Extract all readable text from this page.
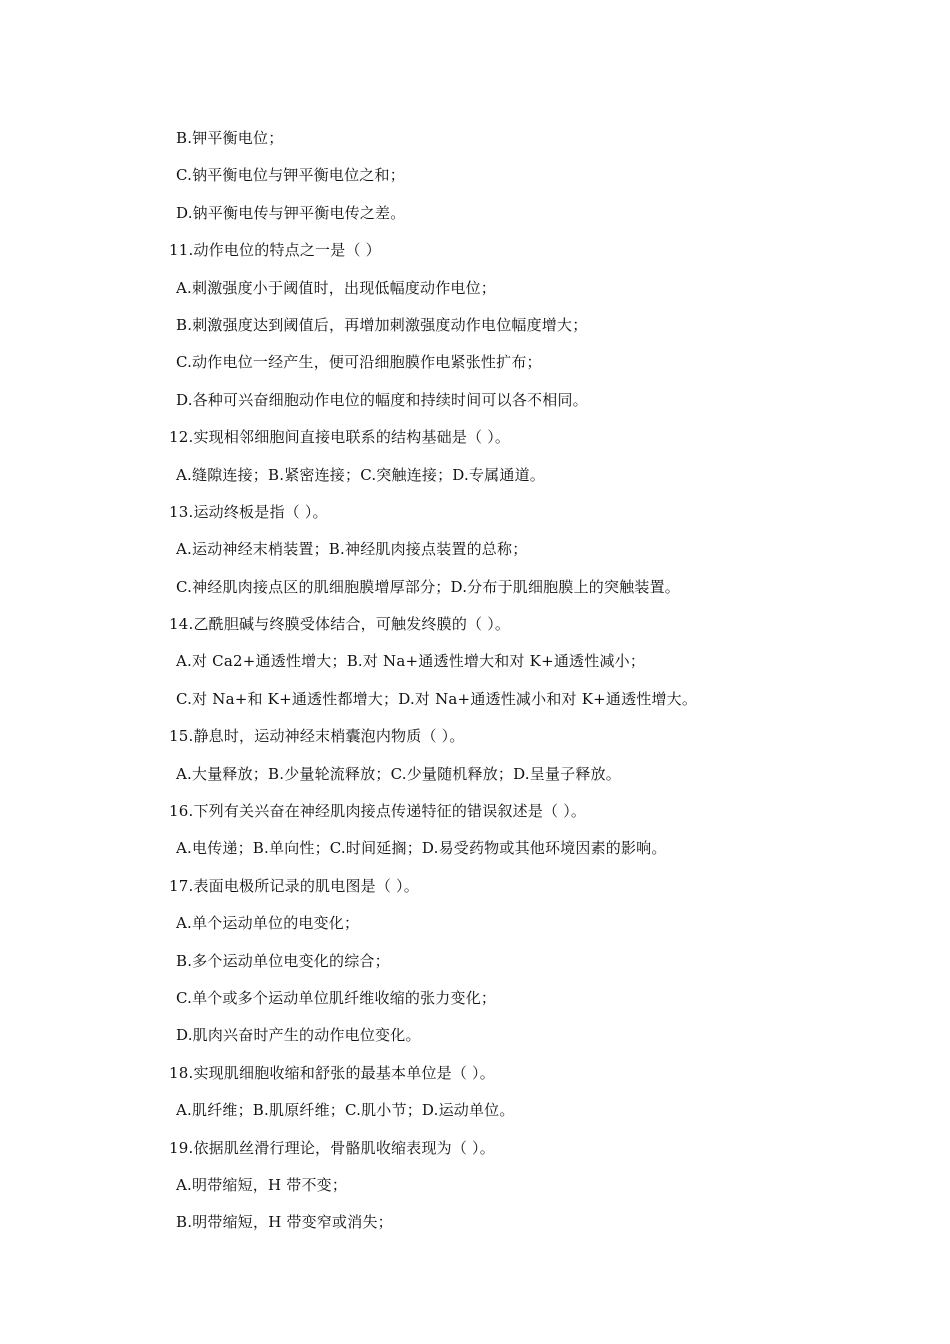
B.钾平衡电位；
C.钠平衡电位与钾平衡电位之和；
D.钠平衡电传与钾平衡电传之差。
11.动作电位的特点之一是（ ）
A.刺激强度小于阈值时，出现低幅度动作电位；
B.刺激强度达到阈值后，再增加刺激强度动作电位幅度增大；
C.动作电位一经产生，便可沿细胞膜作电紧张性扩布；
D.各种可兴奋细胞动作电位的幅度和持续时间可以各不相同。
12.实现相邻细胞间直接电联系的结构基础是（ ）。
A.缝隙连接；B.紧密连接；C.突触连接；D.专属通道。
13.运动终板是指（ ）。
A.运动神经末梢装置；B.神经肌肉接点装置的总称；
C.神经肌肉接点区的肌细胞膜增厚部分；D.分布于肌细胞膜上的突触装置。
14.乙酰胆碱与终膜受体结合，可触发终膜的（ ）。
A.对 Ca2+通透性增大；B.对 Na+通透性增大和对 K+通透性减小；
C.对 Na+和 K+通透性都增大；D.对 Na+通透性减小和对 K+通透性增大。
15.静息时，运动神经末梢囊泡内物质（ ）。
A.大量释放；B.少量轮流释放；C.少量随机释放；D.呈量子释放。
16.下列有关兴奋在神经肌肉接点传递特征的错误叙述是（ ）。
A.电传递；B.单向性；C.时间延搁；D.易受药物或其他环境因素的影响。
17.表面电极所记录的肌电图是（ ）。
A.单个运动单位的电变化；
B.多个运动单位电变化的综合；
C.单个或多个运动单位肌纤维收缩的张力变化；
D.肌肉兴奋时产生的动作电位变化。
18.实现肌细胞收缩和舒张的最基本单位是（ ）。
A.肌纤维；B.肌原纤维；C.肌小节；D.运动单位。
19.依据肌丝滑行理论，骨骼肌收缩表现为（ ）。
A.明带缩短，H 带不变；
B.明带缩短，H 带变窄或消失；
